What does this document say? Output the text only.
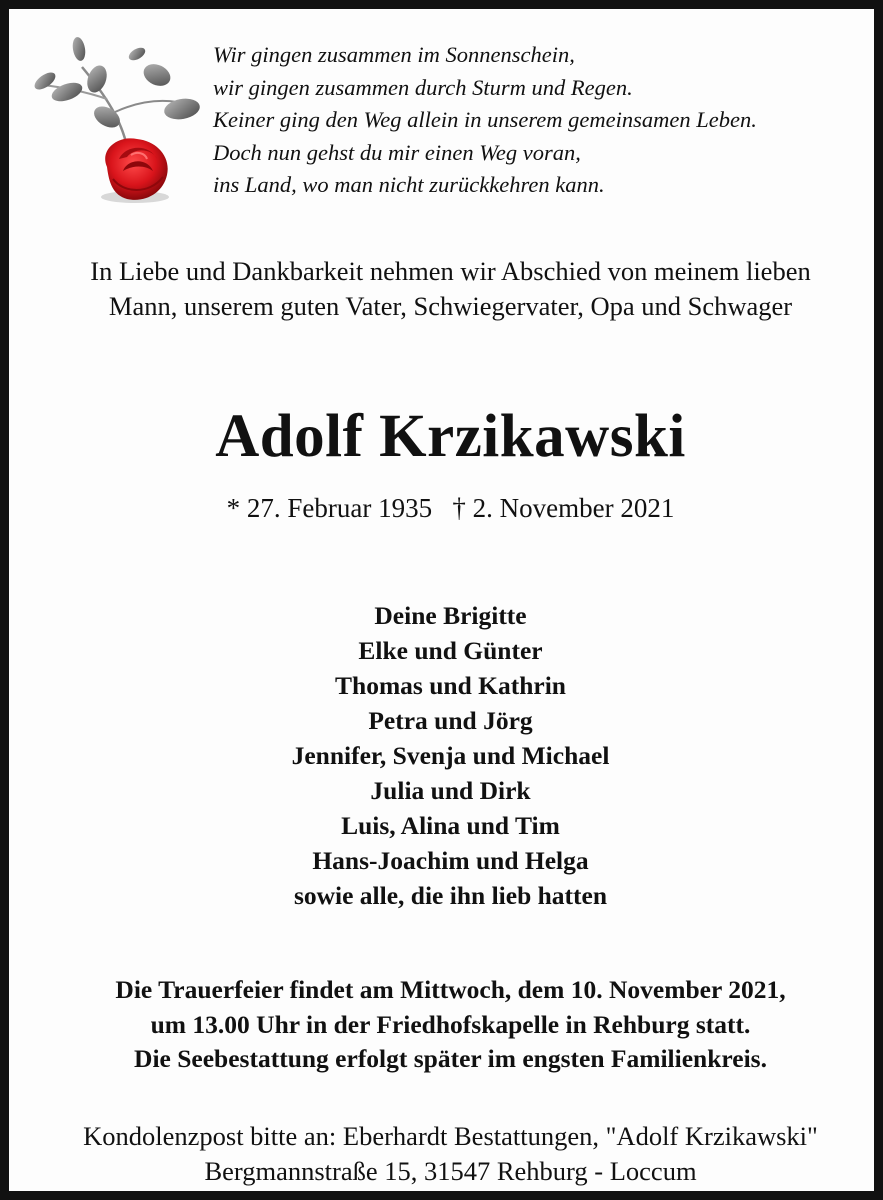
Wir gingen zusammen im Sonnenschein,
wir gingen zusammen durch Sturm und Regen.
Keiner ging den Weg allein in unserem gemeinsamen Leben.
Doch nun gehst du mir einen Weg voran,
ins Land, wo man nicht zurückkehren kann.
In Liebe und Dankbarkeit nehmen wir Abschied von meinem lieben
Mann, unserem guten Vater, Schwiegervater, Opa und Schwager
Adolf Krzikawski
* 27. Februar 1935 † 2. November 2021
Deine Brigitte
Elke und Günter
Thomas und Kathrin
Petra und Jörg
Jennifer, Svenja und Michael
Julia und Dirk
Luis, Alina und Tim
Hans-Joachim und Helga
sowie alle, die ihn lieb hatten
Die Trauerfeier findet am Mittwoch, dem 10. November 2021,
um 13.00 Uhr in der Friedhofskapelle in Rehburg statt.
Die Seebestattung erfolgt später im engsten Familienkreis.
Kondolenzpost bitte an: Eberhardt Bestattungen, "Adolf Krzikawski"
Bergmannstraße 15, 31547 Rehburg - Loccum
